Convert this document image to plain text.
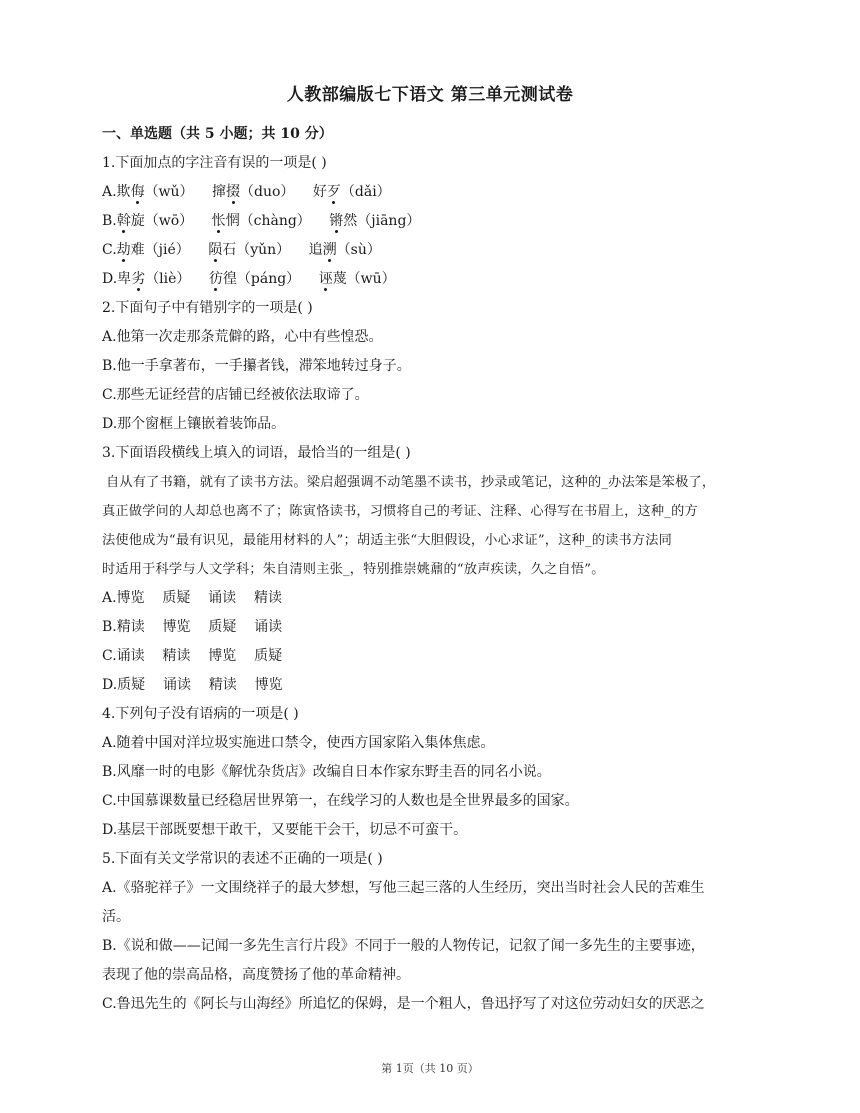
人教部编版七下语文 第三单元测试卷
一、单选题（共 5 小题；共 10 分）
1.下面加点的字注音有误的一项是( )
A.欺侮（wǔ） 撺掇（duo） 好歹（dǎi）
B.斡旋（wō） 怅惘（chàng） 锵然（jiāng）
C.劫难（jié） 陨石（yǔn） 追溯（sù）
D.卑劣（liè） 彷徨（páng） 诬蔑（wū）
2.下面句子中有错别字的一项是( )
A.他第一次走那条荒僻的路，心中有些惶恐。
B.他一手拿著布，一手攥者钱，滞笨地转过身子。
C.那些无证经营的店铺已经被依法取谛了。
D.那个窗框上镶嵌着装饰品。
3.下面语段横线上填入的词语，最恰当的一组是( )
自从有了书籍，就有了读书方法。梁启超强调不动笔墨不读书，抄录或笔记，这种的_办法笨是笨极了，
真正做学问的人却总也离不了；陈寅恪读书，习惯将自己的考证、注释、心得写在书眉上，这种_的方
法使他成为“最有识见，最能用材料的人”；胡适主张“大胆假设，小心求证”，这种_的读书方法同
时适用于科学与人文学科；朱自清则主张_，特别推崇姚鼐的“放声疾读，久之自悟”。
A.博览    质疑    诵读    精读
B.精读    博览    质疑    诵读
C.诵读    精读    博览    质疑
D.质疑    诵读    精读    博览
4.下列句子没有语病的一项是( )
A.随着中国对洋垃圾实施进口禁令，使西方国家陷入集体焦虑。
B.风靡一时的电影《解忧杂货店》改编自日本作家东野圭吾的同名小说。
C.中国慕课数量已经稳居世界第一，在线学习的人数也是全世界最多的国家。
D.基层干部既要想干敢干，又要能干会干，切忌不可蛮干。
5.下面有关文学常识的表述不正确的一项是( )
A.《骆驼祥子》一文围绕祥子的最大梦想，写他三起三落的人生经历，突出当时社会人民的苦难生
活。
B.《说和做——记闻一多先生言行片段》不同于一般的人物传记，记叙了闻一多先生的主要事迹，
表现了他的崇高品格，高度赞扬了他的革命精神。
C.鲁迅先生的《阿长与山海经》所追忆的保姆，是一个粗人，鲁迅抒写了对这位劳动妇女的厌恶之
第 1页（共 10 页）
